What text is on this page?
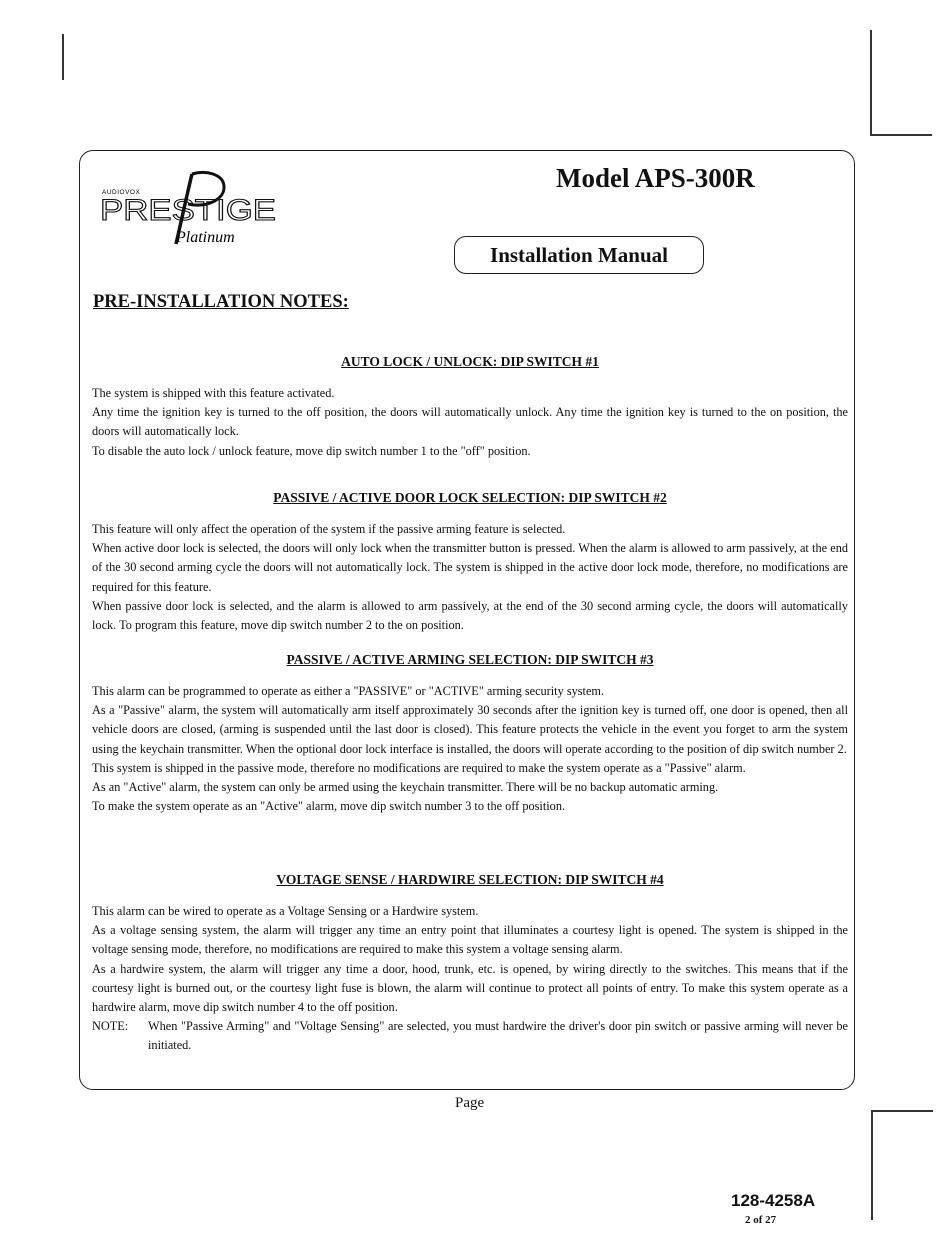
AUDIOVOX
PRESTIGE
Platinum
Model APS-300R
Installation Manual
PRE-INSTALLATION NOTES:

AUTO LOCK / UNLOCK: DIP SWITCH #1

The system is shipped with this feature activated.

Any time the ignition key is turned to the off position, the doors will automatically unlock. Any time the ignition key is turned to the on position, the doors will automatically lock.

To disable the auto lock / unlock feature, move dip switch number 1 to the "off" position.

PASSIVE / ACTIVE DOOR LOCK SELECTION: DIP SWITCH #2

This feature will only affect the operation of the system if the passive arming feature is selected.

When active door lock is selected, the doors will only lock when the transmitter button is pressed. When the alarm is allowed to arm passively, at the end of the 30 second arming cycle the doors will not automatically lock. The system is shipped in the active door lock mode, therefore, no modifications are required for this feature.

When passive door lock is selected, and the alarm is allowed to arm passively, at the end of the 30 second arming cycle, the doors will automatically lock. To program this feature, move dip switch number 2 to the on position.

PASSIVE / ACTIVE ARMING SELECTION: DIP SWITCH #3

This alarm can be programmed to operate as either a "PASSIVE" or "ACTIVE" arming security system.

As a "Passive" alarm, the system will automatically arm itself approximately 30 seconds after the ignition key is turned off, one door is opened, then all vehicle doors are closed, (arming is suspended until the last door is closed). This feature protects the vehicle in the event you forget to arm the system using the keychain transmitter. When the optional door lock interface is installed, the doors will operate according to the position of dip switch number 2.

This system is shipped in the passive mode, therefore no modifications are required to make the system operate as a "Passive" alarm.

As an "Active" alarm, the system can only be armed using the keychain transmitter. There will be no backup automatic arming.

To make the system operate as an "Active" alarm, move dip switch number 3 to the off position.

VOLTAGE SENSE / HARDWIRE SELECTION: DIP SWITCH #4

This alarm can be wired to operate as a Voltage Sensing or a Hardwire system.

As a voltage sensing system, the alarm will trigger any time an entry point that illuminates a courtesy light is opened. The system is shipped in the voltage sensing mode, therefore, no modifications are required to make this system a voltage sensing alarm.

As a hardwire system, the alarm will trigger any time a door, hood, trunk, etc. is opened, by wiring directly to the switches. This means that if the courtesy light is burned out, or the courtesy light fuse is blown, the alarm will continue to protect all points of entry. To make this system operate as a hardwire alarm, move dip switch number 4 to the off position.

NOTE:	When "Passive Arming" and "Voltage Sensing" are selected, you must hardwire the driver's door pin switch or passive arming will never be initiated.
Page
128-4258A
2 of 27
